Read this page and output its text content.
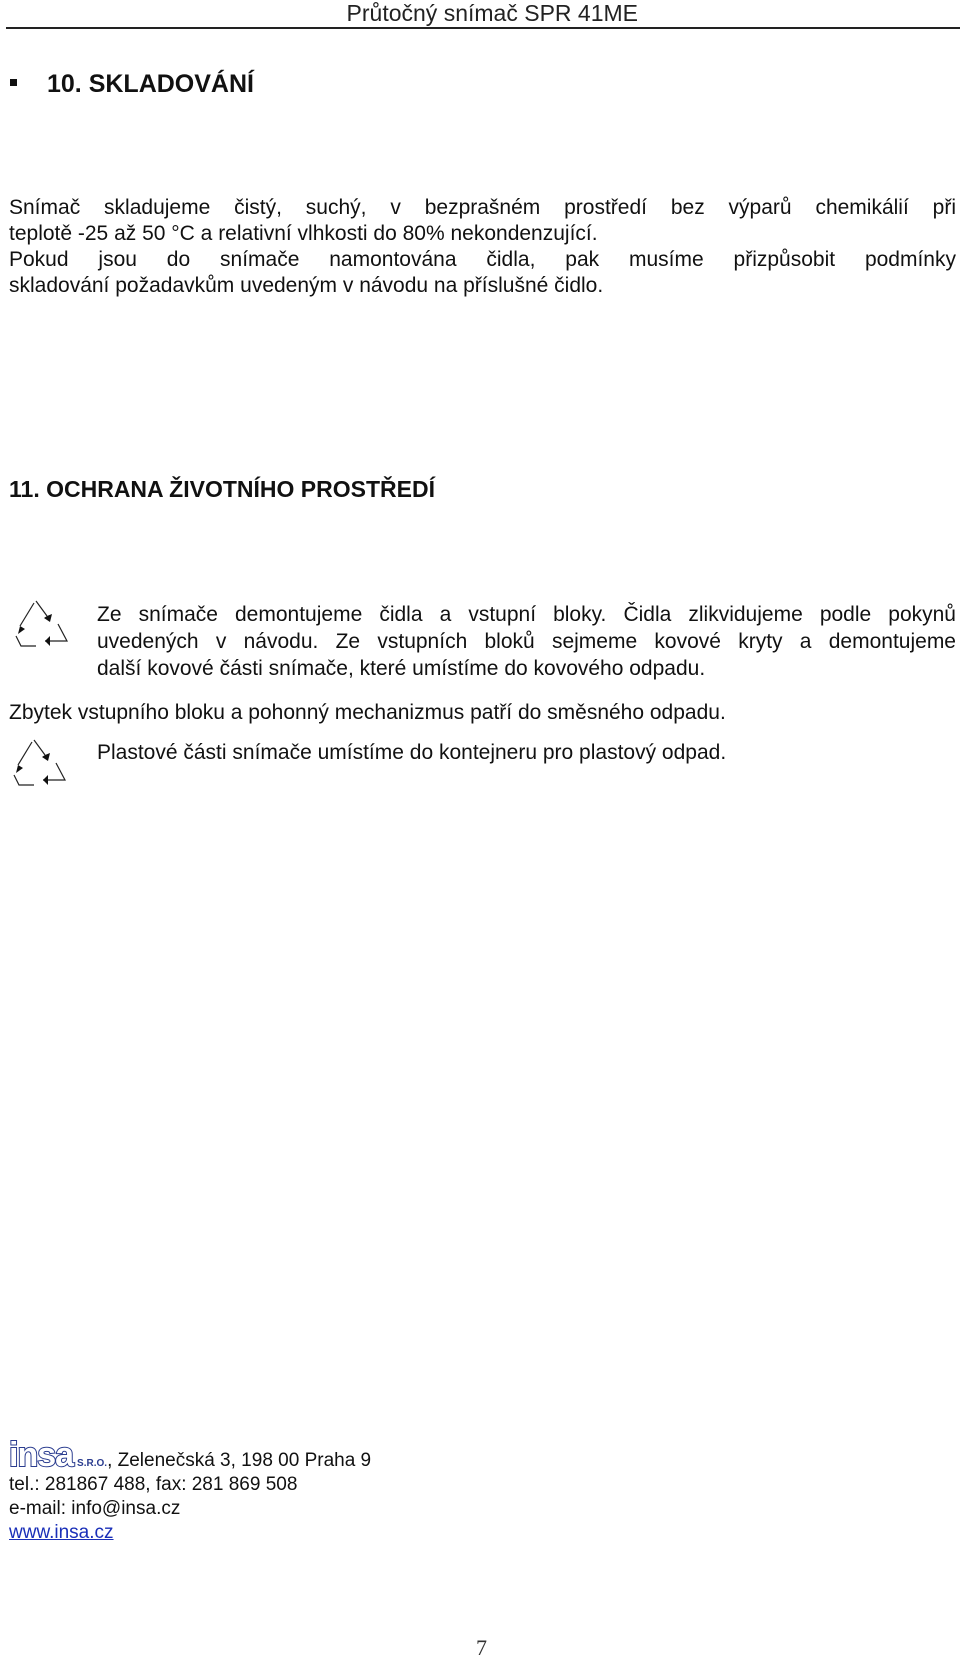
Průtočný snímač SPR 41ME
10. SKLADOVÁNÍ
Snímač skladujeme čistý, suchý, v bezprašném prostředí bez výparů chemikálií při
teplotě -25 až 50 °C a relativní vlhkosti do 80% nekondenzující.
Pokud jsou do snímače namontována čidla, pak musíme přizpůsobit podmínky
skladování požadavkům uvedeným v návodu na příslušné čidlo.
11. OCHRANA ŽIVOTNÍHO PROSTŘEDÍ
Ze snímače demontujeme čidla a vstupní bloky. Čidla zlikvidujeme podle pokynů
uvedených v návodu. Ze vstupních bloků sejmeme kovové kryty a demontujeme
další kovové části snímače, které umístíme do kovového odpadu.
Zbytek vstupního bloku a pohonný mechanizmus patří do směsného odpadu.
Plastové části snímače umístíme do kontejneru pro plastový odpad.
insa S.R.O. , Zelenečská 3, 198 00 Praha 9
tel.: 281867 488, fax: 281 869 508
e-mail: info@insa.cz
www.insa.cz
7
